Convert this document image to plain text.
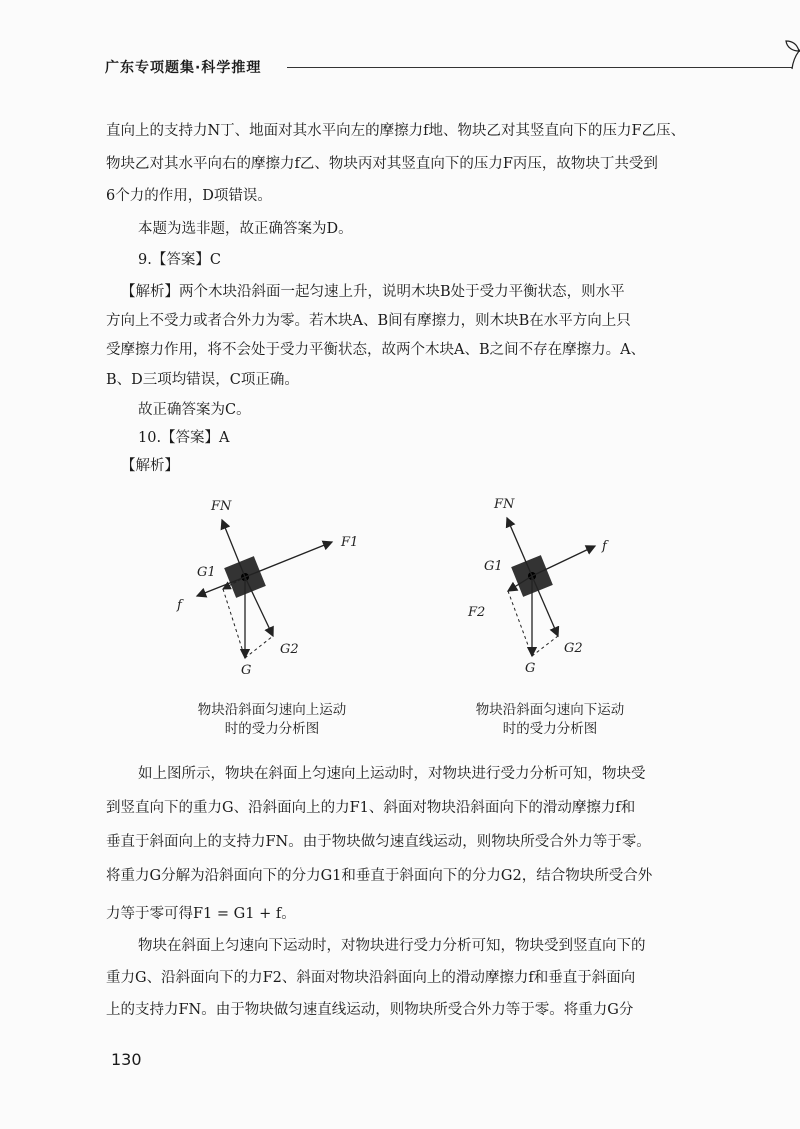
广东专项题集·科学推理
直向上的支持力N丁、地面对其水平向左的摩擦力f地、物块乙对其竖直向下的压力F乙压、
物块乙对其水平向右的摩擦力f乙、物块丙对其竖直向下的压力F丙压，故物块丁共受到
6个力的作用，D项错误。
本题为选非题，故正确答案为D。
9.【答案】C
【解析】两个木块沿斜面一起匀速上升，说明木块B处于受力平衡状态，则水平
方向上不受力或者合外力为零。若木块A、B间有摩擦力，则木块B在水平方向上只
受摩擦力作用，将不会处于受力平衡状态，故两个木块A、B之间不存在摩擦力。A、
B、D三项均错误，C项正确。
故正确答案为C。
10.【答案】A
【解析】
FN
F1
G1
f
G2
G
物块沿斜面匀速向上运动
时的受力分析图
FN
f
G1
F2
G2
G
物块沿斜面匀速向下运动
时的受力分析图
如上图所示，物块在斜面上匀速向上运动时，对物块进行受力分析可知，物块受
到竖直向下的重力G、沿斜面向上的力F1、斜面对物块沿斜面向下的滑动摩擦力f和
垂直于斜面向上的支持力FN。由于物块做匀速直线运动，则物块所受合外力等于零。
将重力G分解为沿斜面向下的分力G1和垂直于斜面向下的分力G2，结合物块所受合外
力等于零可得F1 = G1 + f。
物块在斜面上匀速向下运动时，对物块进行受力分析可知，物块受到竖直向下的
重力G、沿斜面向下的力F2、斜面对物块沿斜面向上的滑动摩擦力f和垂直于斜面向
上的支持力FN。由于物块做匀速直线运动，则物块所受合外力等于零。将重力G分
130
